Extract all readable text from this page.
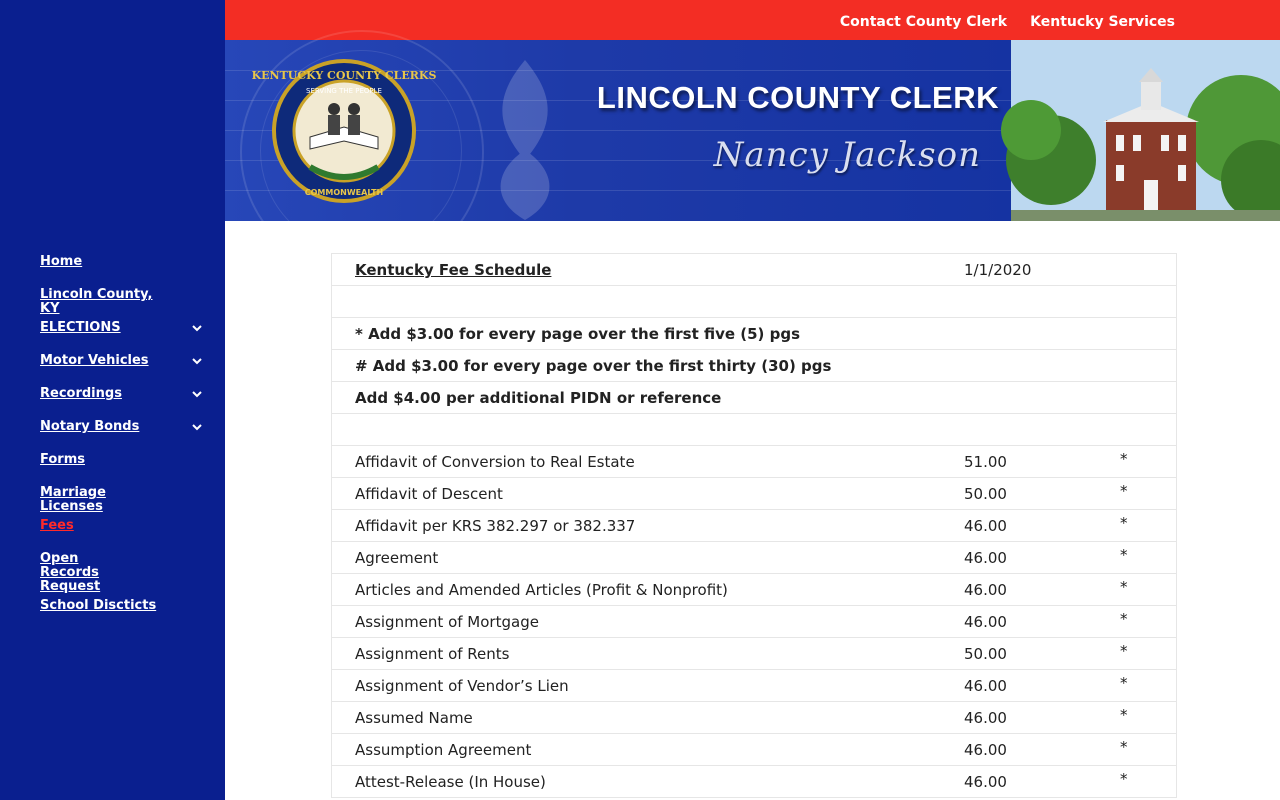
Home
Lincoln County, KY
ELECTIONS
Motor Vehicles
Recordings
Notary Bonds
Forms
Marriage Licenses
Fees
Open Records Request
School Discticts
Contact County Clerk Kentucky Services
KENTUCKY COUNTY CLERKS
SERVING THE PEOPLE
COMMONWEALTH
LINCOLN COUNTY CLERK
Nancy Jackson
Kentucky Fee Schedule	1/1/2020
* Add $3.00 for every page over the first five (5) pgs
# Add $3.00 for every page over the first thirty (30) pgs
Add $4.00 per additional PIDN or reference
Affidavit of Conversion to Real Estate	51.00	*
Affidavit of Descent	50.00	*
Affidavit per KRS 382.297 or 382.337	46.00	*
Agreement	46.00	*
Articles and Amended Articles (Profit & Nonprofit)	46.00	*
Assignment of Mortgage	46.00	*
Assignment of Rents	50.00	*
Assignment of Vendor’s Lien	46.00	*
Assumed Name	46.00	*
Assumption Agreement	46.00	*
Attest-Release (In House)	46.00	*
